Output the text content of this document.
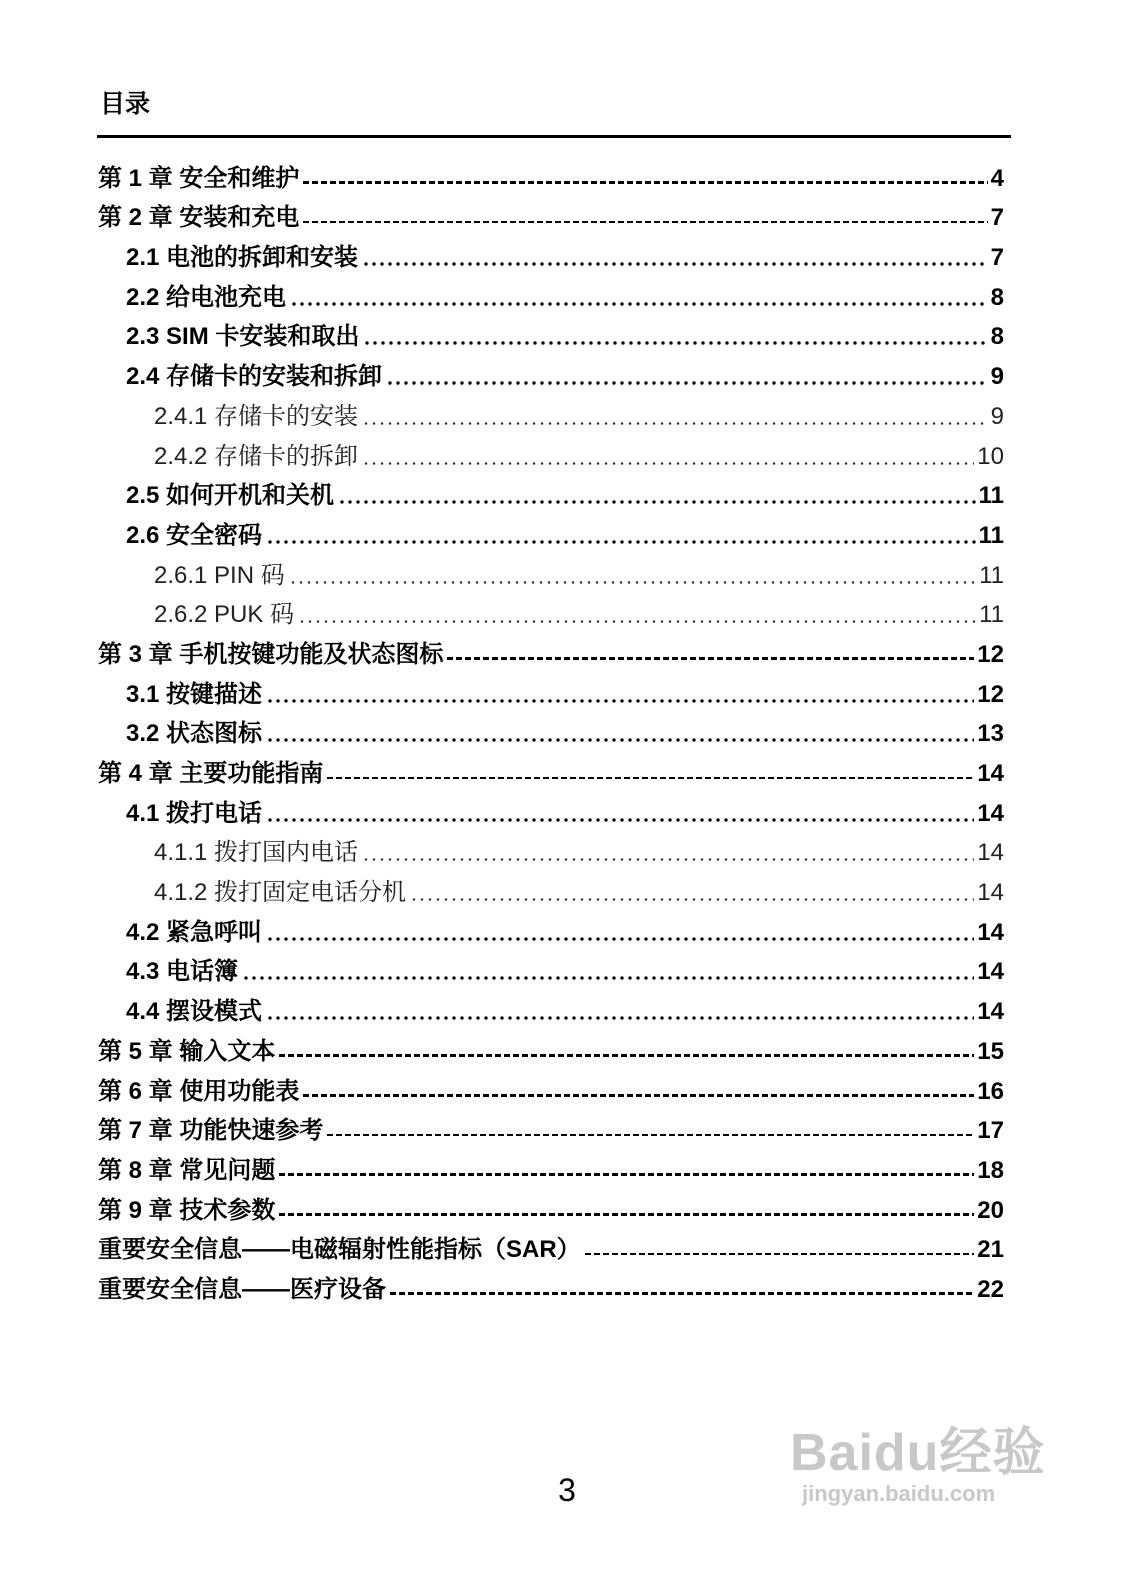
目录
第 1 章 安全和维护	4
第 2 章 安装和充电	7
2.1 电池的拆卸和安装	7
2.2 给电池充电	8
2.3 SIM 卡安装和取出	8
2.4 存储卡的安装和拆卸	9
2.4.1 存储卡的安装	9
2.4.2 存储卡的拆卸	10
2.5 如何开机和关机	11
2.6 安全密码	11
2.6.1 PIN 码	11
2.6.2 PUK 码	11
第 3 章 手机按键功能及状态图标	12
3.1 按键描述	12
3.2 状态图标	13
第 4 章 主要功能指南	14
4.1 拨打电话	14
4.1.1 拨打国内电话	14
4.1.2 拨打固定电话分机	14
4.2 紧急呼叫	14
4.3 电话簿	14
4.4 摆设模式	14
第 5 章 输入文本	15
第 6 章 使用功能表	16
第 7 章 功能快速参考	17
第 8 章 常见问题	18
第 9 章 技术参数	20
重要安全信息——电磁辐射性能指标（SAR）	21
重要安全信息——医疗设备	22
3
Baidu经验
jingyan.baidu.com
